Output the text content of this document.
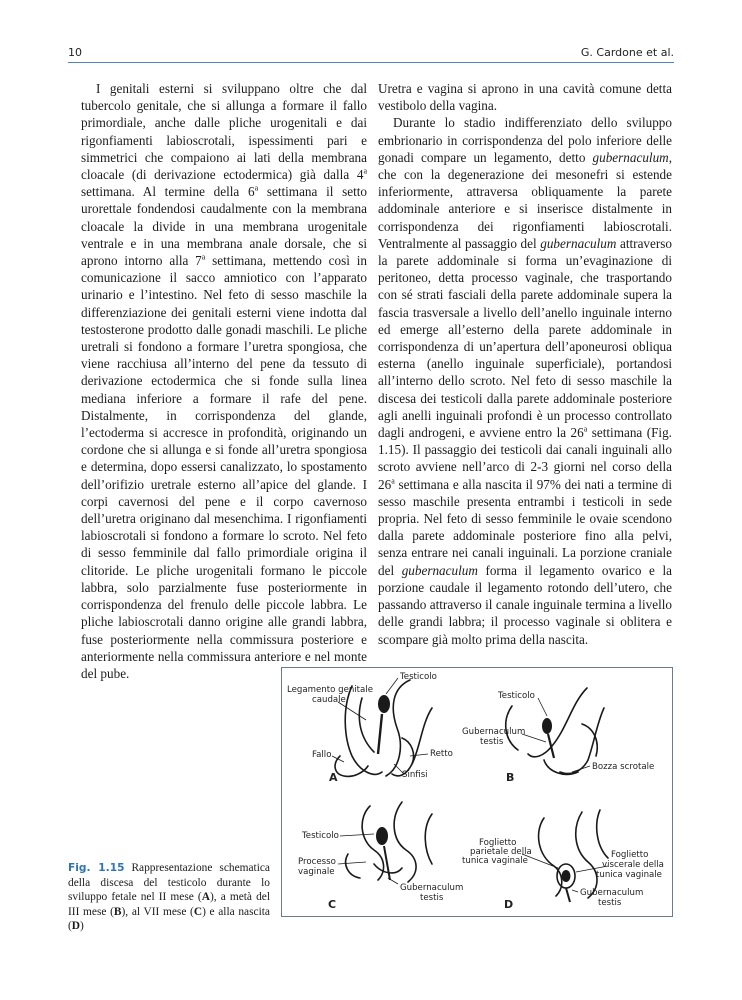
10	G. Cardone et al.

I genitali esterni si sviluppano oltre che dal tubercolo genitale, che si allunga a formare il fallo primordiale, anche dalle pliche urogenitali e dai rigonfiamenti labioscrotali, ispessimenti pari e simmetrici che compaiono ai lati della membrana cloacale (di derivazione ectodermica) già dalla 4$^a$ settimana. Al termine della 6$^a$ settimana il setto urorettale fondendosi caudalmente con la membrana cloacale la divide in una membrana urogenitale ventrale e in una membrana anale dorsale, che si aprono intorno alla 7$^a$ settimana, mettendo così in comunicazione il sacco amniotico con l’apparato urinario e l’intestino. Nel feto di sesso maschile la differenziazione dei genitali esterni viene indotta dal testosterone prodotto dalle gonadi maschili. Le pliche uretrali si fondono a formare l’uretra spongiosa, che viene racchiusa all’interno del pene da tessuto di derivazione ectodermica che si fonde sulla linea mediana inferiore a formare il rafe del pene. Distalmente, in corrispondenza del glande, l’ectoderma si accresce in profondità, originando un cordone che si allunga e si fonde all’uretra spongiosa e determina, dopo essersi canalizzato, lo spostamento dell’orifizio uretrale esterno all’apice del glande. I corpi cavernosi del pene e il corpo cavernoso dell’uretra originano dal mesenchima. I rigonfiamenti labioscrotali si fondono a formare lo scroto. Nel feto di sesso femminile dal fallo primordiale origina il clitoride. Le pliche urogenitali formano le piccole labbra, solo parzialmente fuse posteriormente in corrispondenza del frenulo delle piccole labbra. Le pliche labioscrotali danno origine alle grandi labbra, fuse posteriormente nella commissura posteriore e anteriormente nella commissura anteriore e nel monte del pube.

Uretra e vagina si aprono in una cavità comune detta vestibolo della vagina.

Durante lo stadio indifferenziato dello sviluppo embrionario in corrispondenza del polo inferiore delle gonadi compare un legamento, detto gubernaculum, che con la degenerazione dei mesonefri si estende inferiormente, attraversa obliquamente la parete addominale anteriore e si inserisce distalmente in corrispondenza dei rigonfiamenti labioscrotali. Ventralmente al passaggio del gubernaculum attraverso la parete addominale si forma un’evaginazione di peritoneo, detta processo vaginale, che trasportando con sé strati fasciali della parete addominale supera la fascia trasversale a livello dell’anello inguinale interno ed emerge all’esterno della parete addominale in corrispondenza di un’apertura dell’aponeurosi obliqua esterna (anello inguinale superficiale), portandosi all’interno dello scroto. Nel feto di sesso maschile la discesa dei testicoli dalla parete addominale posteriore agli anelli inguinali profondi è un processo controllato dagli androgeni, e avviene entro la 26$^a$ settimana (Fig. 1.15). Il passaggio dei testicoli dai canali inguinali allo scroto avviene nell’arco di 2-3 giorni nel corso della 26$^a$ settimana e alla nascita il 97% dei nati a termine di sesso maschile presenta entrambi i testicoli in sede propria. Nel feto di sesso femminile le ovaie scendono dalla parete addominale posteriore fino alla pelvi, senza entrare nei canali inguinali. La porzione craniale del gubernaculum forma il legamento ovarico e la porzione caudale il legamento rotondo dell’utero, che passando attraverso il canale inguinale termina a livello delle grandi labbra; il processo vaginale si oblitera e scompare già molto prima della nascita.

Fig. 1.15 Rappresentazione schematica della discesa del testicolo durante lo sviluppo fetale nel II mese (A), a metà del III mese (B), al VII mese (C) e alla nascita (D)
Testicolo
Legamento genitale
caudale
Fallo	Retto
Sinfisi
A
Testicolo
Gubernaculum
testis
Bozza scrotale
B
Testicolo
Processo
vaginale
Gubernaculum
testis
C
Foglietto
parietale della
tunica vaginale
Foglietto
viscerale della
tunica vaginale
Gubernaculum
testis
D
